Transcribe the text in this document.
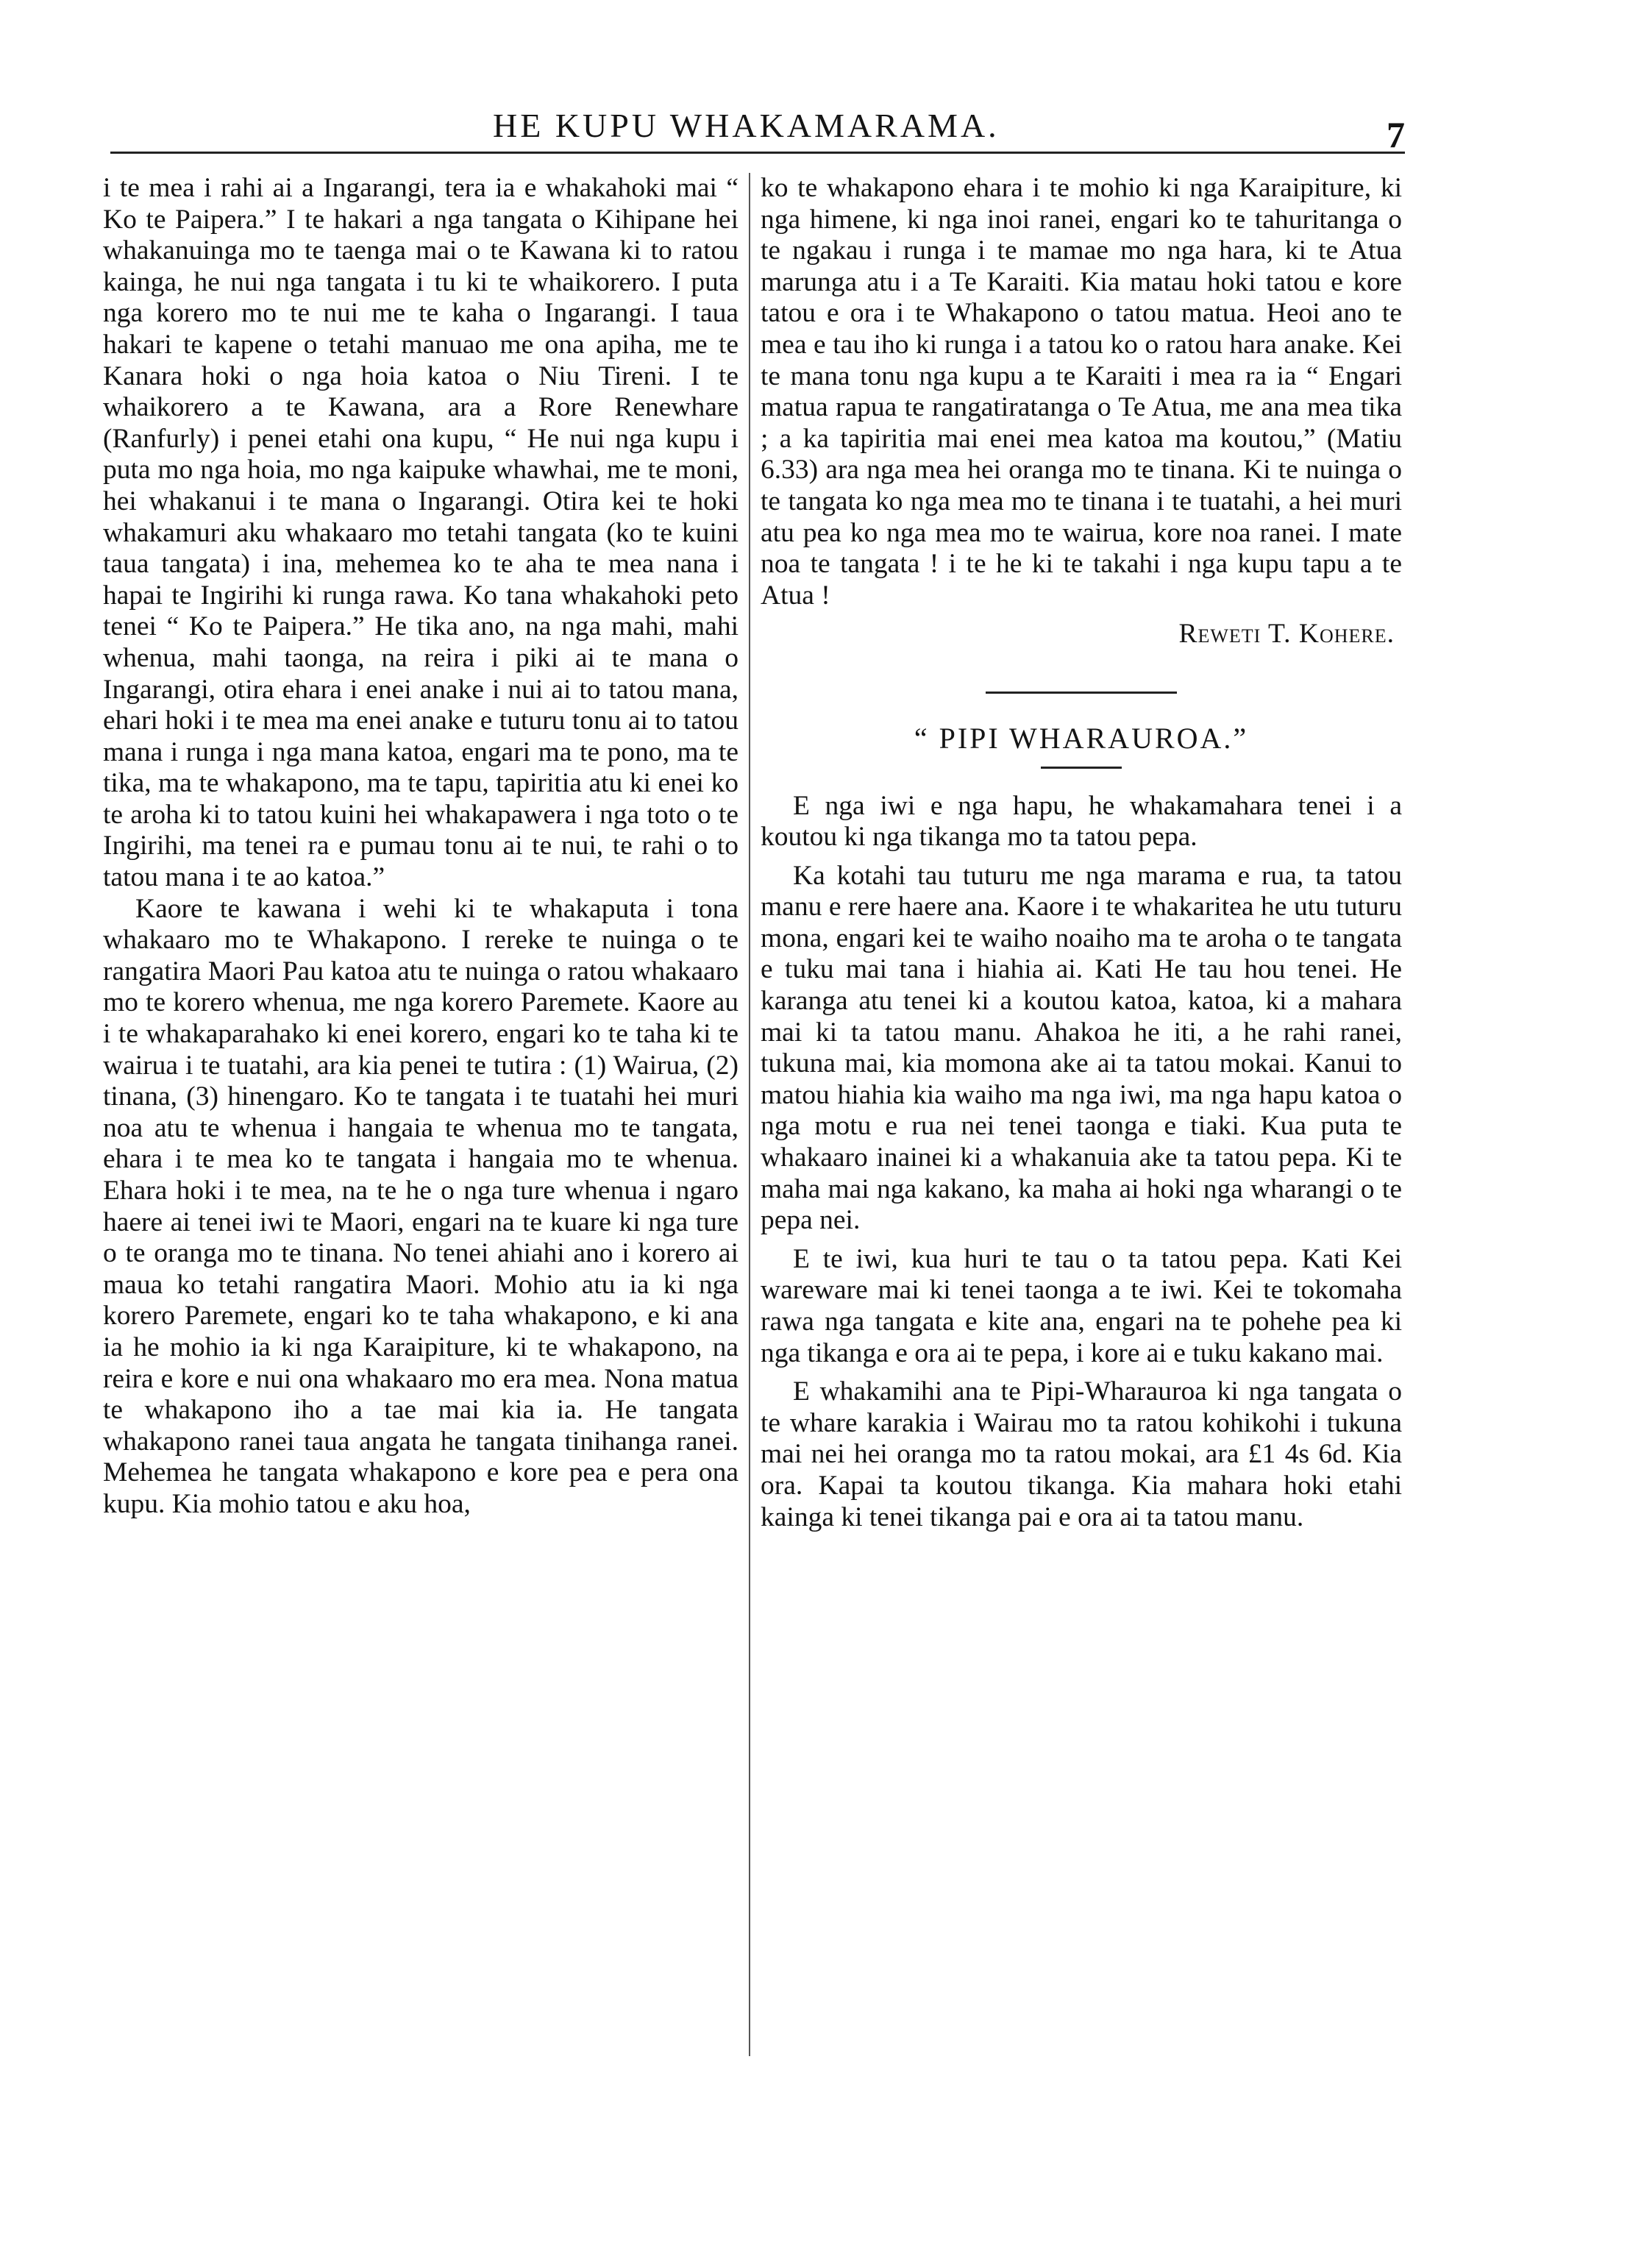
HE KUPU WHAKAMARAMA.	7

i te mea i rahi ai a Ingarangi, tera ia e whakahoki mai “ Ko te Paipera.” I te hakari a nga tangata o Kihipane hei whakanuinga mo te taenga mai o te Kawana ki to ratou kainga, he nui nga tangata i tu ki te whaikorero. I puta nga korero mo te nui me te kaha o Ingarangi. I taua hakari te kapene o tetahi manuao me ona apiha, me te Kanara hoki o nga hoia katoa o Niu Tireni. I te whaikorero a te Kawana, ara a Rore Renewhare (Ranfurly) i penei etahi ona kupu, “ He nui nga kupu i puta mo nga hoia, mo nga kaipuke whawhai, me te moni, hei whakanui i te mana o Ingarangi. Otira kei te hoki whakamuri aku whakaaro mo tetahi tangata (ko te kuini taua tangata) i ina, mehemea ko te aha te mea nana i hapai te Ingirihi ki runga rawa. Ko tana whakahoki peto tenei “ Ko te Paipera.” He tika ano, na nga mahi, mahi whenua, mahi taonga, na reira i piki ai te mana o Ingarangi, otira ehara i enei anake i nui ai to tatou mana, ehari hoki i te mea ma enei anake e tuturu tonu ai to tatou mana i runga i nga mana katoa, engari ma te pono, ma te tika, ma te whakapono, ma te tapu, tapiritia atu ki enei ko te aroha ki to tatou kuini hei whakapawera i nga toto o te Ingirihi, ma tenei ra e pumau tonu ai te nui, te rahi o to tatou mana i te ao katoa.”

Kaore te kawana i wehi ki te whakaputa i tona whakaaro mo te Whakapono. I rereke te nuinga o te rangatira Maori Pau katoa atu te nuinga o ratou whakaaro mo te korero whenua, me nga korero Paremete. Kaore au i te whakaparahako ki enei korero, engari ko te taha ki te wairua i te tuatahi, ara kia penei te tutira : (1) Wairua, (2) tinana, (3) hinengaro. Ko te tangata i te tuatahi hei muri noa atu te whenua i hangaia te whenua mo te tangata, ehara i te mea ko te tangata i hangaia mo te whenua. Ehara hoki i te mea, na te he o nga ture whenua i ngaro haere ai tenei iwi te Maori, engari na te kuare ki nga ture o te oranga mo te tinana. No tenei ahiahi ano i korero ai maua ko tetahi rangatira Maori. Mohio atu ia ki nga korero Paremete, engari ko te taha whakapono, e ki ana ia he mohio ia ki nga Karaipiture, ki te whakapono, na reira e kore e nui ona whakaaro mo era mea. Nona matua te whakapono iho a tae mai kia ia. He tangata whakapono ranei taua angata he tangata tinihanga ranei. Mehemea he tangata whakapono e kore pea e pera ona kupu. Kia mohio tatou e aku hoa,

ko te whakapono ehara i te mohio ki nga Karaipiture, ki nga himene, ki nga inoi ranei, engari ko te tahuritanga o te ngakau i runga i te mamae mo nga hara, ki te Atua marunga atu i a Te Karaiti. Kia matau hoki tatou e kore tatou e ora i te Whakapono o tatou matua. Heoi ano te mea e tau iho ki runga i a tatou ko o ratou hara anake. Kei te mana tonu nga kupu a te Karaiti i mea ra ia “ Engari matua rapua te rangatiratanga o Te Atua, me ana mea tika ; a ka tapiritia mai enei mea katoa ma koutou,” (Matiu 6.33) ara nga mea hei oranga mo te tinana. Ki te nuinga o te tangata ko nga mea mo te tinana i te tuatahi, a hei muri atu pea ko nga mea mo te wairua, kore noa ranei. I mate noa te tangata ! i te he ki te takahi i nga kupu tapu a te Atua !

Reweti T. Kohere.
“ PIPI WHARAUROA.”

E nga iwi e nga hapu, he whakamahara tenei i a koutou ki nga tikanga mo ta tatou pepa.

Ka kotahi tau tuturu me nga marama e rua, ta tatou manu e rere haere ana. Kaore i te whakaritea he utu tuturu mona, engari kei te waiho noaiho ma te aroha o te tangata e tuku mai tana i hiahia ai. Kati He tau hou tenei. He karanga atu tenei ki a koutou katoa, katoa, ki a mahara mai ki ta tatou manu. Ahakoa he iti, a he rahi ranei, tukuna mai, kia momona ake ai ta tatou mokai. Kanui to matou hiahia kia waiho ma nga iwi, ma nga hapu katoa o nga motu e rua nei tenei taonga e tiaki. Kua puta te whakaaro inainei ki a whakanuia ake ta tatou pepa. Ki te maha mai nga kakano, ka maha ai hoki nga wharangi o te pepa nei.

E te iwi, kua huri te tau o ta tatou pepa. Kati Kei wareware mai ki tenei taonga a te iwi. Kei te tokomaha rawa nga tangata e kite ana, engari na te pohehe pea ki nga tikanga e ora ai te pepa, i kore ai e tuku kakano mai.

E whakamihi ana te Pipi-Wharauroa ki nga tangata o te whare karakia i Wairau mo ta ratou kohikohi i tukuna mai nei hei oranga mo ta ratou mokai, ara £1 4s 6d. Kia ora. Kapai ta koutou tikanga. Kia mahara hoki etahi kainga ki tenei tikanga pai e ora ai ta tatou manu.
